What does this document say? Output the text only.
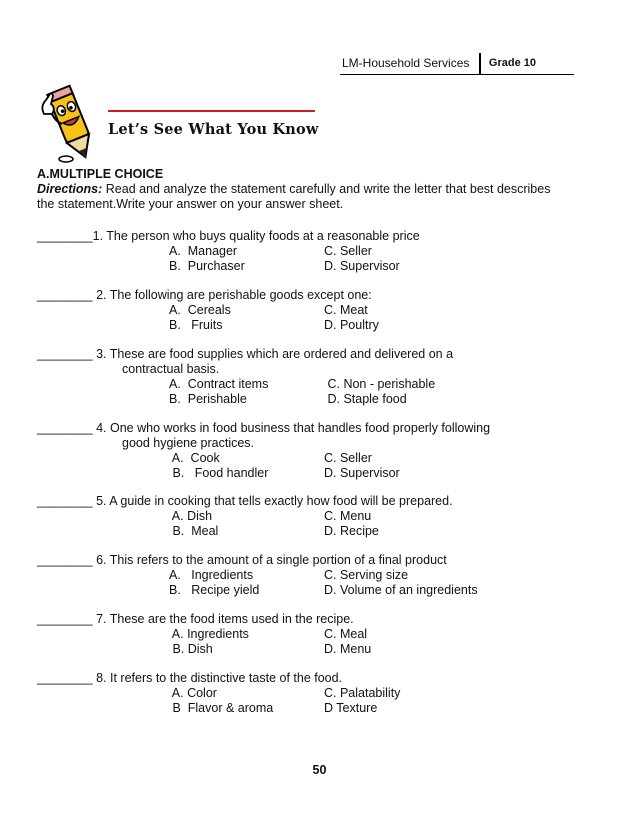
LM-Household Services	Grade 10
Let’s See What You Know
A.MULTIPLE CHOICE
Directions: Read and analyze the statement carefully and write the letter that best describes the statement.Write your answer on your answer sheet.
________1. The person who buys quality foods at a reasonable price
A.  Manager	C. Seller
B.  Purchaser	D. Supervisor
________ 2. The following are perishable goods except one:
A.  Cereals	C. Meat
B.   Fruits	D. Poultry
________ 3. These are food supplies which are ordered and delivered on a
contractual basis.
A.  Contract items	C. Non - perishable
B.  Perishable	D. Staple food
________ 4. One who works in food business that handles food properly following
good hygiene practices.
A.  Cook	C. Seller
B.   Food handler	D. Supervisor
________ 5. A guide in cooking that tells exactly how food will be prepared.
A. Dish	C. Menu
B.  Meal	D. Recipe
________ 6. This refers to the amount of a single portion of a final product
A.   Ingredients	C. Serving size
B.   Recipe yield	D. Volume of an ingredients
________ 7. These are the food items used in the recipe.
A. Ingredients	C. Meal
B. Dish	D. Menu
________ 8. It refers to the distinctive taste of the food.
A. Color	C. Palatability
B  Flavor & aroma	D Texture
50
